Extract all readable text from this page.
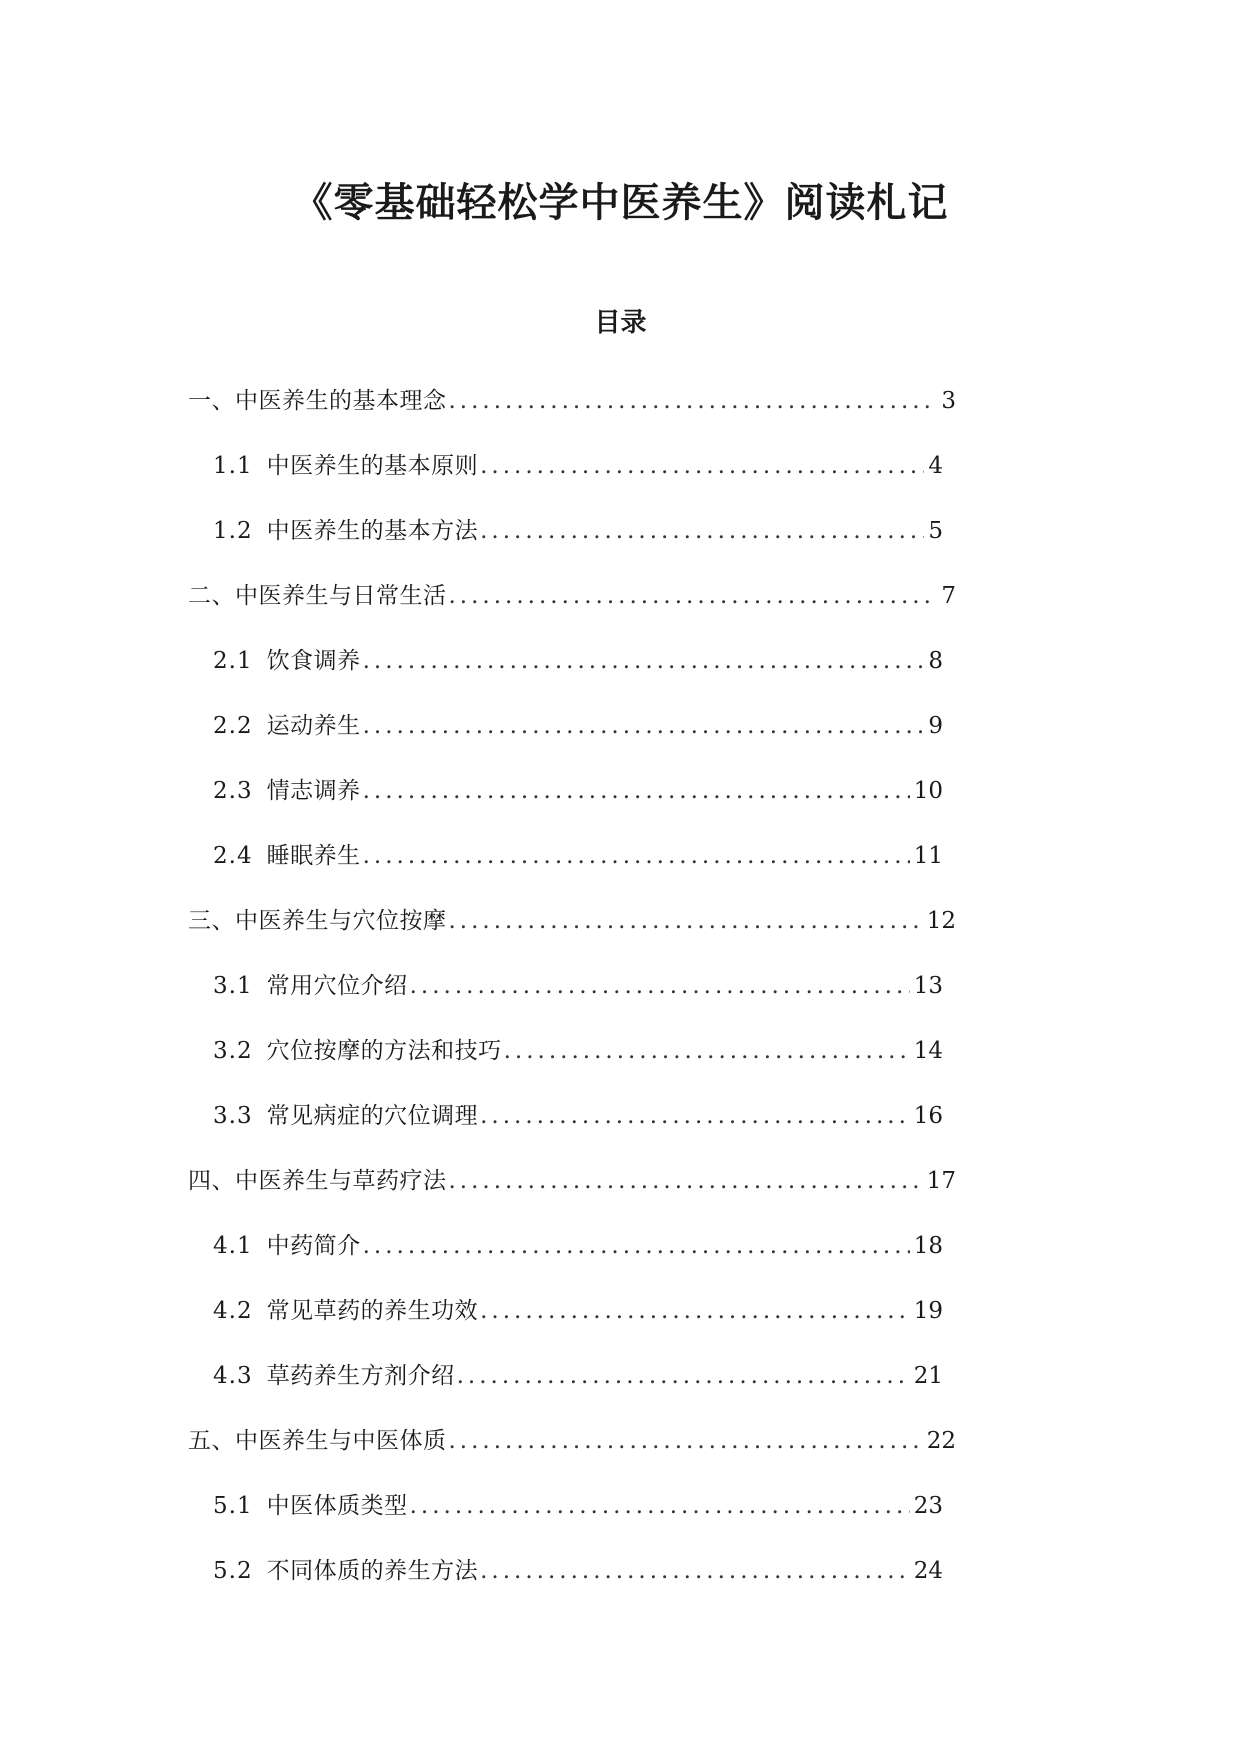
《零基础轻松学中医养生》阅读札记
目录
一、中医养生的基本理念 .....	3
1.1 中医养生的基本原则 .....	4
1.2 中医养生的基本方法 .....	5
二、中医养生与日常生活 .....	7
2.1 饮食调养 .....	8
2.2 运动养生 .....	9
2.3 情志调养 .....	10
2.4 睡眠养生 .....	11
三、中医养生与穴位按摩 .....	12
3.1 常用穴位介绍 .....	13
3.2 穴位按摩的方法和技巧 .....	14
3.3 常见病症的穴位调理 .....	16
四、中医养生与草药疗法 .....	17
4.1 中药简介 .....	18
4.2 常见草药的养生功效 .....	19
4.3 草药养生方剂介绍 .....	21
五、中医养生与中医体质 .....	22
5.1 中医体质类型 .....	23
5.2 不同体质的养生方法 .....	24
